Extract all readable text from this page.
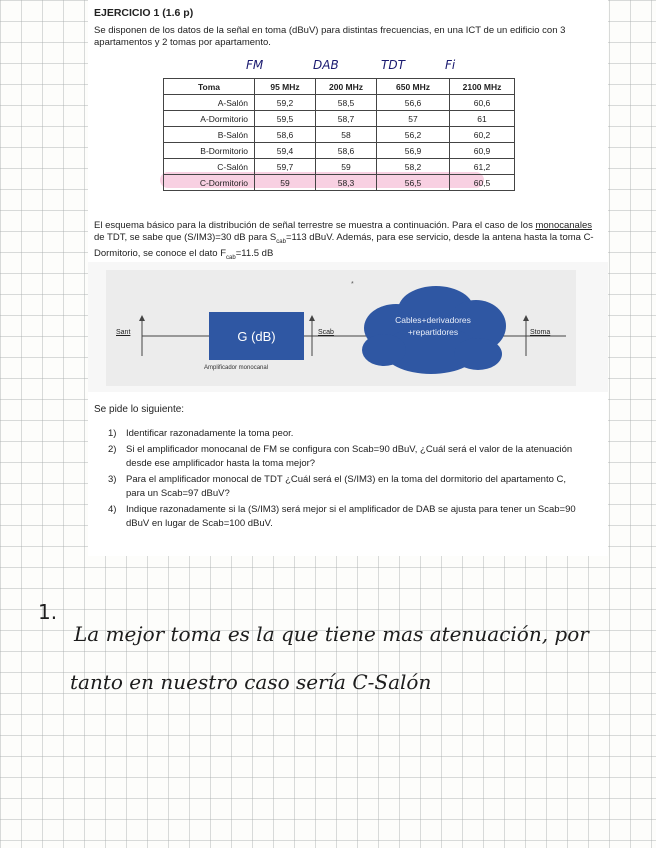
EJERCICIO 1 (1.6 p)
Se disponen de los datos de la señal en toma (dBuV) para distintas frecuencias, en una ICT de un edificio con 3 apartamentos y 2 tomas por apartamento.
FM	DAB	TDT	Fi
Toma	95 MHz	200 MHz	650 MHz	2100 MHz
A-Salón	59,2	58,5	56,6	60,6
A-Dormitorio	59,5	58,7	57	61
B-Salón	58,6	58	56,2	60,2
B-Dormitorio	59,4	58,6	56,9	60,9
C-Salón	59,7	59	58,2	61,2
C-Dormitorio	59	58,3	56,5	60,5
El esquema básico para la distribución de señal terrestre se muestra a continuación. Para el caso de los monocanales de TDT, se sabe que (S/IM3)=30 dB para $S_{cab}=113$ dBuV. Además, para ese servicio, desde la antena hasta la toma C-Dormitorio, se conoce el dato $F_{cab}=11.5$ dB
*
G (dB)
Cables+derivadores
+repartidores
Amplificador monocanal
Sant	Scab	Stoma
Se pide lo siguiente:
1)	Identificar razonadamente la toma peor.
2)	Si el amplificador monocanal de FM se configura con Scab=90 dBuV, ¿Cuál será el valor de la atenuación desde ese amplificador hasta la toma mejor?
3)	Para el amplificador monocal de TDT ¿Cuál será el (S/IM3) en la toma del dormitorio del apartamento C, para un Scab=97 dBuV?
4)	Indique razonadamente si la (S/IM3) será mejor si el amplificador de DAB se ajusta para tener un Scab=90 dBuV en lugar de Scab=100 dBuV.
1.
La mejor toma es la que tiene mas atenuación, por
tanto en nuestro caso sería C-Salón
